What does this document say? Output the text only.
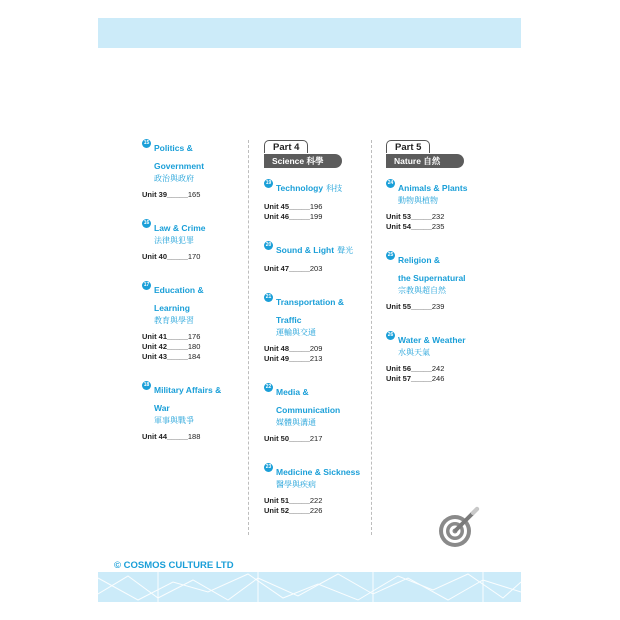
15 Politics &
Government
政治與政府
Unit 39_____165
16 Law & Crime
法律與犯罪
Unit 40_____170
17 Education &
Learning
教育與學習
Unit 41_____176
Unit 42_____180
Unit 43_____184
18 Military Affairs &
War
軍事與戰爭
Unit 44_____188
Part 4
Science 科學
19 Technology 科技
Unit 45_____196
Unit 46_____199
20 Sound & Light 聲光
Unit 47_____203
21 Transportation &
Traffic
運輸與交通
Unit 48_____209
Unit 49_____213
22 Media &
Communication
媒體與溝通
Unit 50_____217
23 Medicine & Sickness
醫學與疾病
Unit 51_____222
Unit 52_____226
Part 5
Nature 自然
24 Animals & Plants
動物與植物
Unit 53_____232
Unit 54_____235
25 Religion &
the Supernatural
宗教與超自然
Unit 55_____239
26 Water & Weather
水與天氣
Unit 56_____242
Unit 57_____246
© COSMOS CULTURE LTD
